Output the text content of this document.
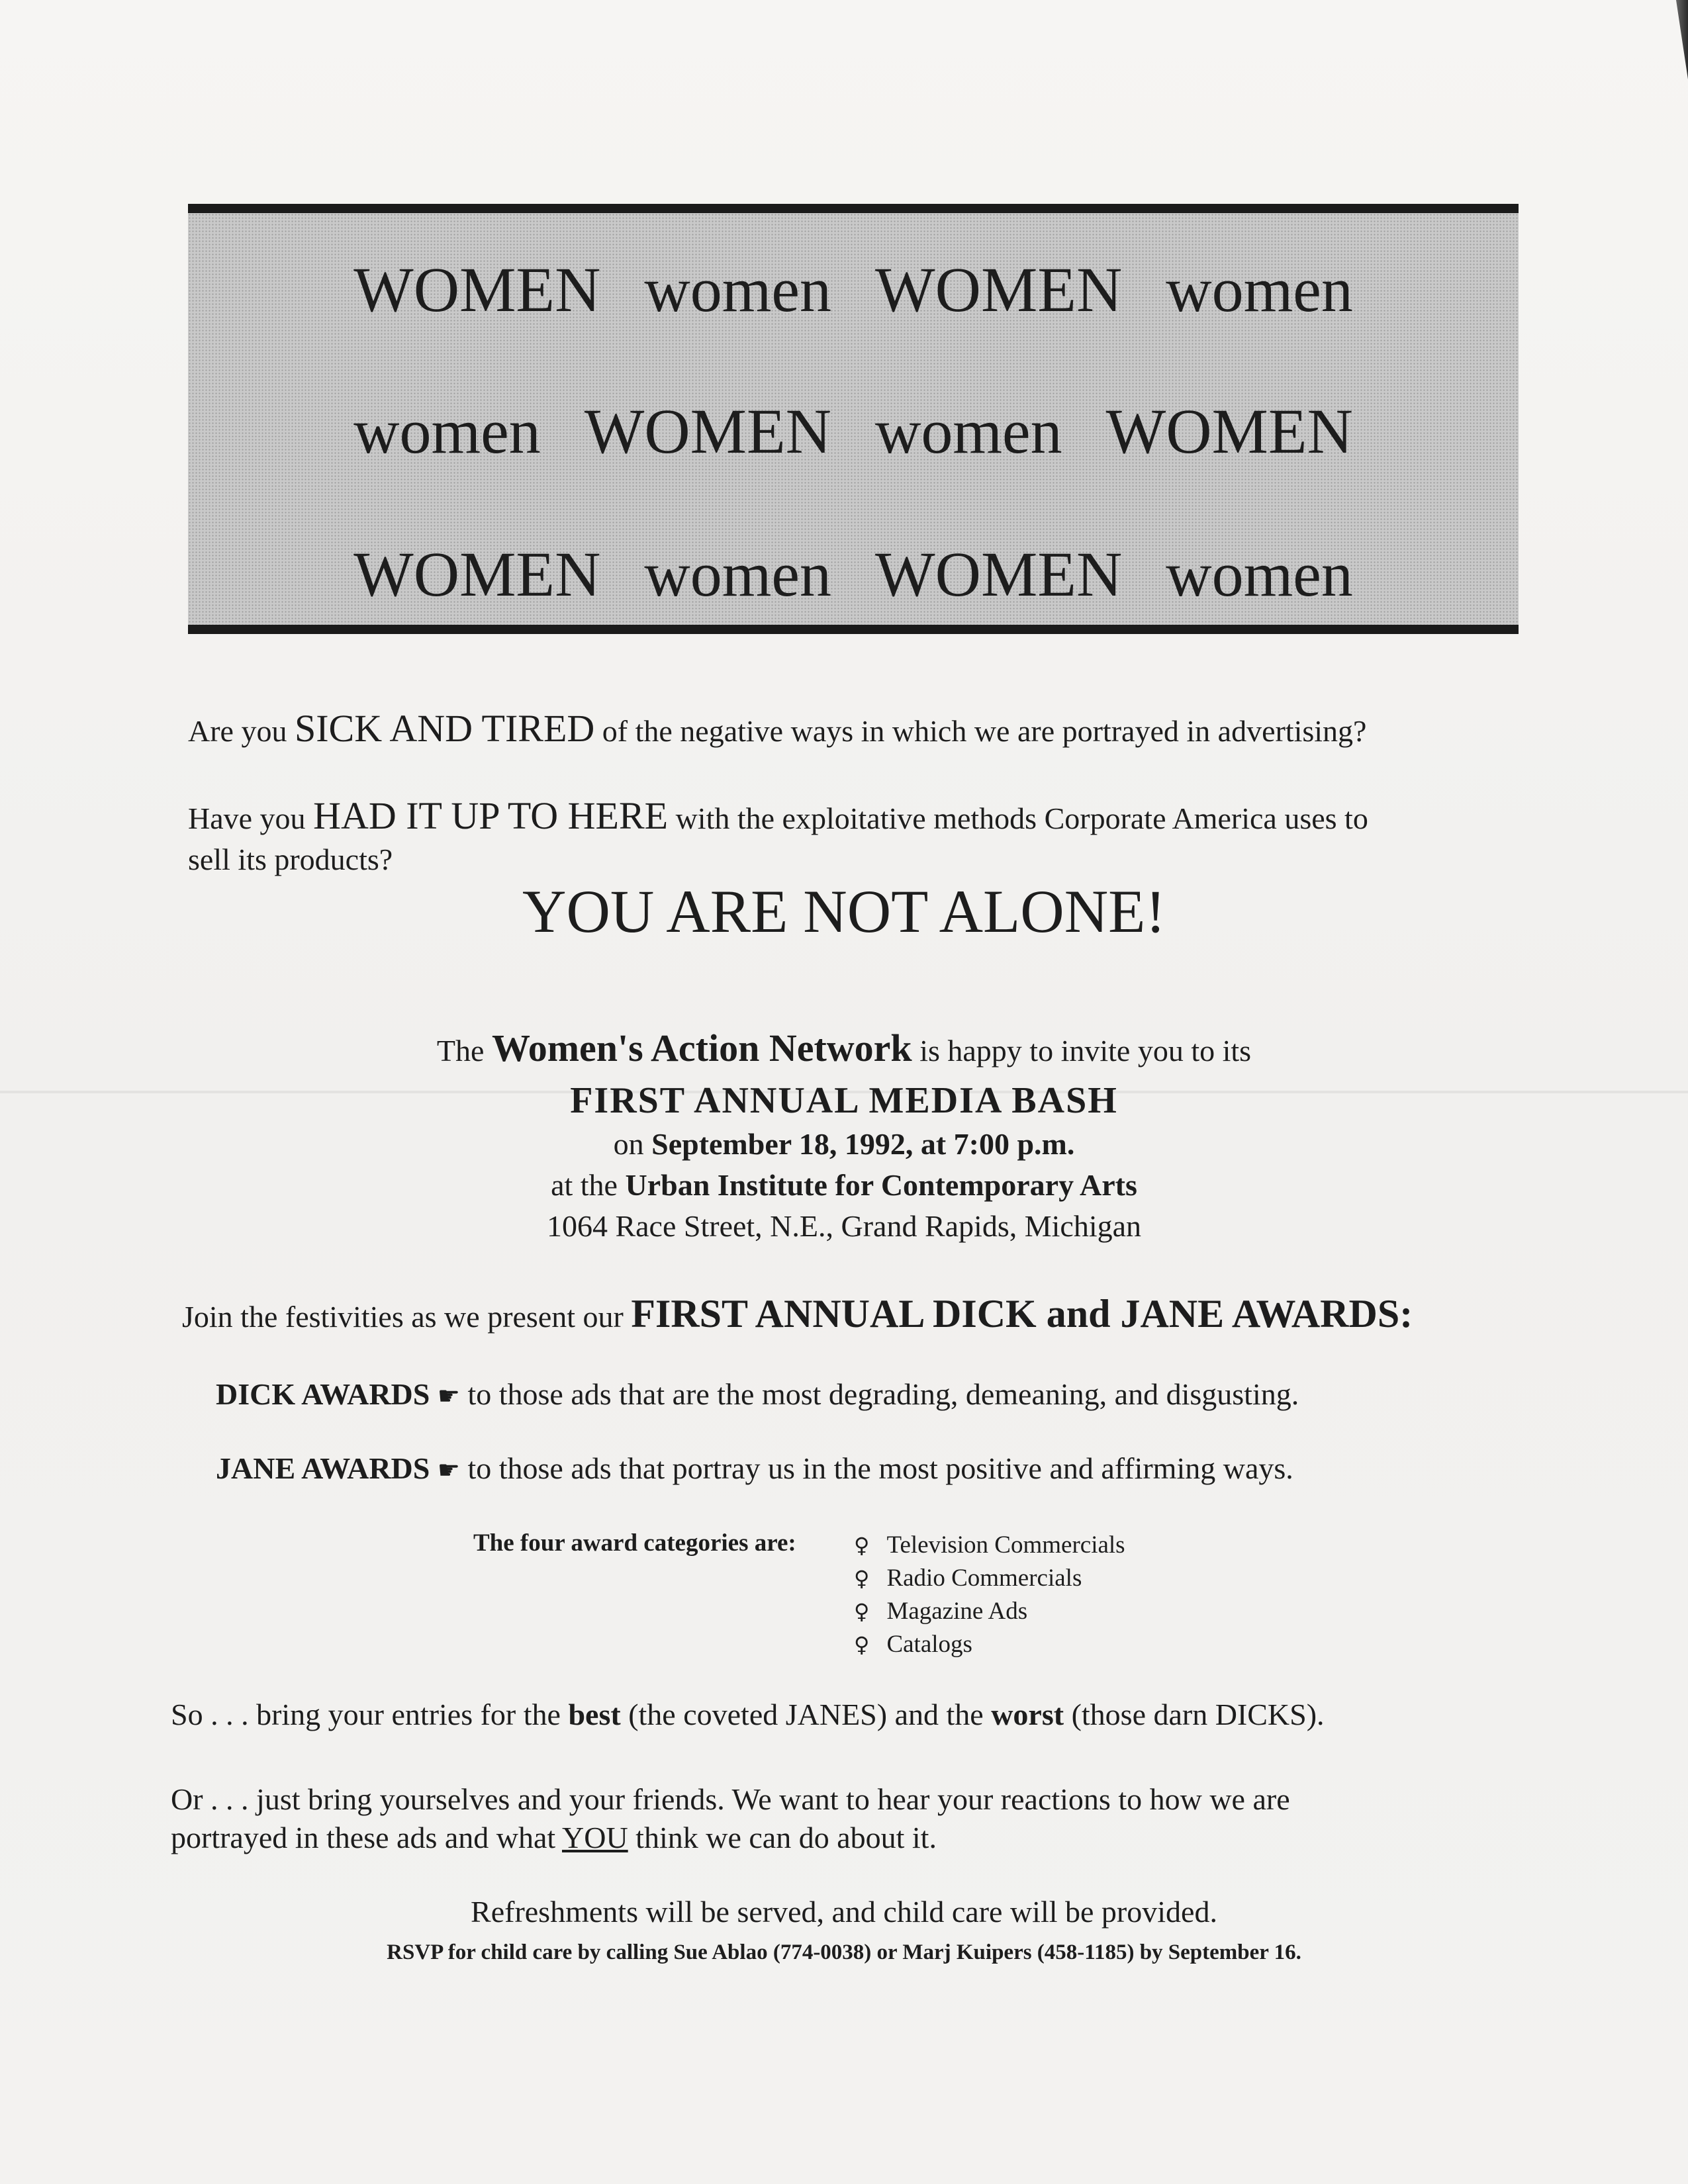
WOMEN women WOMEN women
women WOMEN women WOMEN
WOMEN women WOMEN women
Are you SICK AND TIRED of the negative ways in which we are portrayed in advertising?
Have you HAD IT UP TO HERE with the exploitative methods Corporate America uses to
sell its products?
YOU ARE NOT ALONE!
The Women's Action Network is happy to invite you to its
FIRST ANNUAL MEDIA BASH
on September 18, 1992, at 7:00 p.m.
at the Urban Institute for Contemporary Arts
1064 Race Street, N.E., Grand Rapids, Michigan
Join the festivities as we present our FIRST ANNUAL DICK and JANE AWARDS:
DICK AWARDS ☛ to those ads that are the most degrading, demeaning, and disgusting.
JANE AWARDS ☛ to those ads that portray us in the most positive and affirming ways.
The four award categories are:	♀ Television Commercials
♀ Radio Commercials
♀ Magazine Ads
♀ Catalogs
So . . . bring your entries for the best (the coveted JANES) and the worst (those darn DICKS).
Or . . . just bring yourselves and your friends. We want to hear your reactions to how we are
portrayed in these ads and what YOU think we can do about it.
Refreshments will be served, and child care will be provided.
RSVP for child care by calling Sue Ablao (774-0038) or Marj Kuipers (458-1185) by September 16.
